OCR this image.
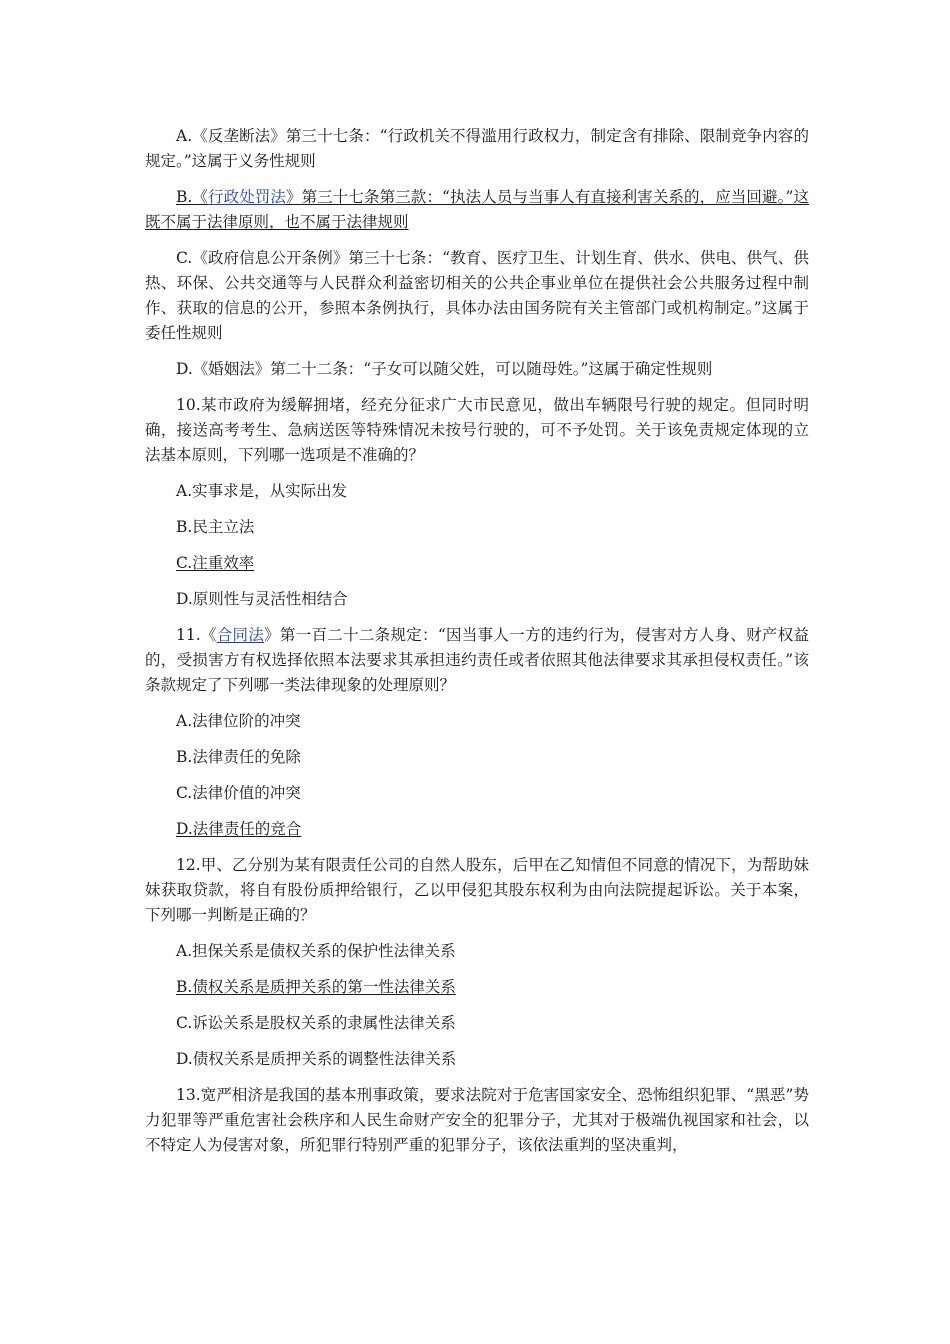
A.《反垄断法》第三十七条：“行政机关不得滥用行政权力，制定含有排除、限制竞争内容的规定。”这属于义务性规则

B.《行政处罚法》第三十七条第三款：“执法人员与当事人有直接利害关系的，应当回避。”这既不属于法律原则，也不属于法律规则

C.《政府信息公开条例》第三十七条：“教育、医疗卫生、计划生育、供水、供电、供气、供热、环保、公共交通等与人民群众利益密切相关的公共企事业单位在提供社会公共服务过程中制作、获取的信息的公开，参照本条例执行，具体办法由国务院有关主管部门或机构制定。”这属于委任性规则

D.《婚姻法》第二十二条：“子女可以随父姓，可以随母姓。”这属于确定性规则

10.某市政府为缓解拥堵，经充分征求广大市民意见，做出车辆限号行驶的规定。但同时明确，接送高考考生、急病送医等特殊情况未按号行驶的，可不予处罚。关于该免责规定体现的立法基本原则，下列哪一选项是不准确的？

A.实事求是，从实际出发

B.民主立法

C.注重效率

D.原则性与灵活性相结合

11.《合同法》第一百二十二条规定：“因当事人一方的违约行为，侵害对方人身、财产权益的，受损害方有权选择依照本法要求其承担违约责任或者依照其他法律要求其承担侵权责任。”该条款规定了下列哪一类法律现象的处理原则？

A.法律位阶的冲突

B.法律责任的免除

C.法律价值的冲突

D.法律责任的竞合

12.甲、乙分别为某有限责任公司的自然人股东，后甲在乙知情但不同意的情况下，为帮助妹妹获取贷款，将自有股份质押给银行，乙以甲侵犯其股东权利为由向法院提起诉讼。关于本案，下列哪一判断是正确的？

A.担保关系是债权关系的保护性法律关系

B.债权关系是质押关系的第一性法律关系

C.诉讼关系是股权关系的隶属性法律关系

D.债权关系是质押关系的调整性法律关系

13.宽严相济是我国的基本刑事政策，要求法院对于危害国家安全、恐怖组织犯罪、“黑恶”势力犯罪等严重危害社会秩序和人民生命财产安全的犯罪分子，尤其对于极端仇视国家和社会，以不特定人为侵害对象，所犯罪行特别严重的犯罪分子，该依法重判的坚决重判，
